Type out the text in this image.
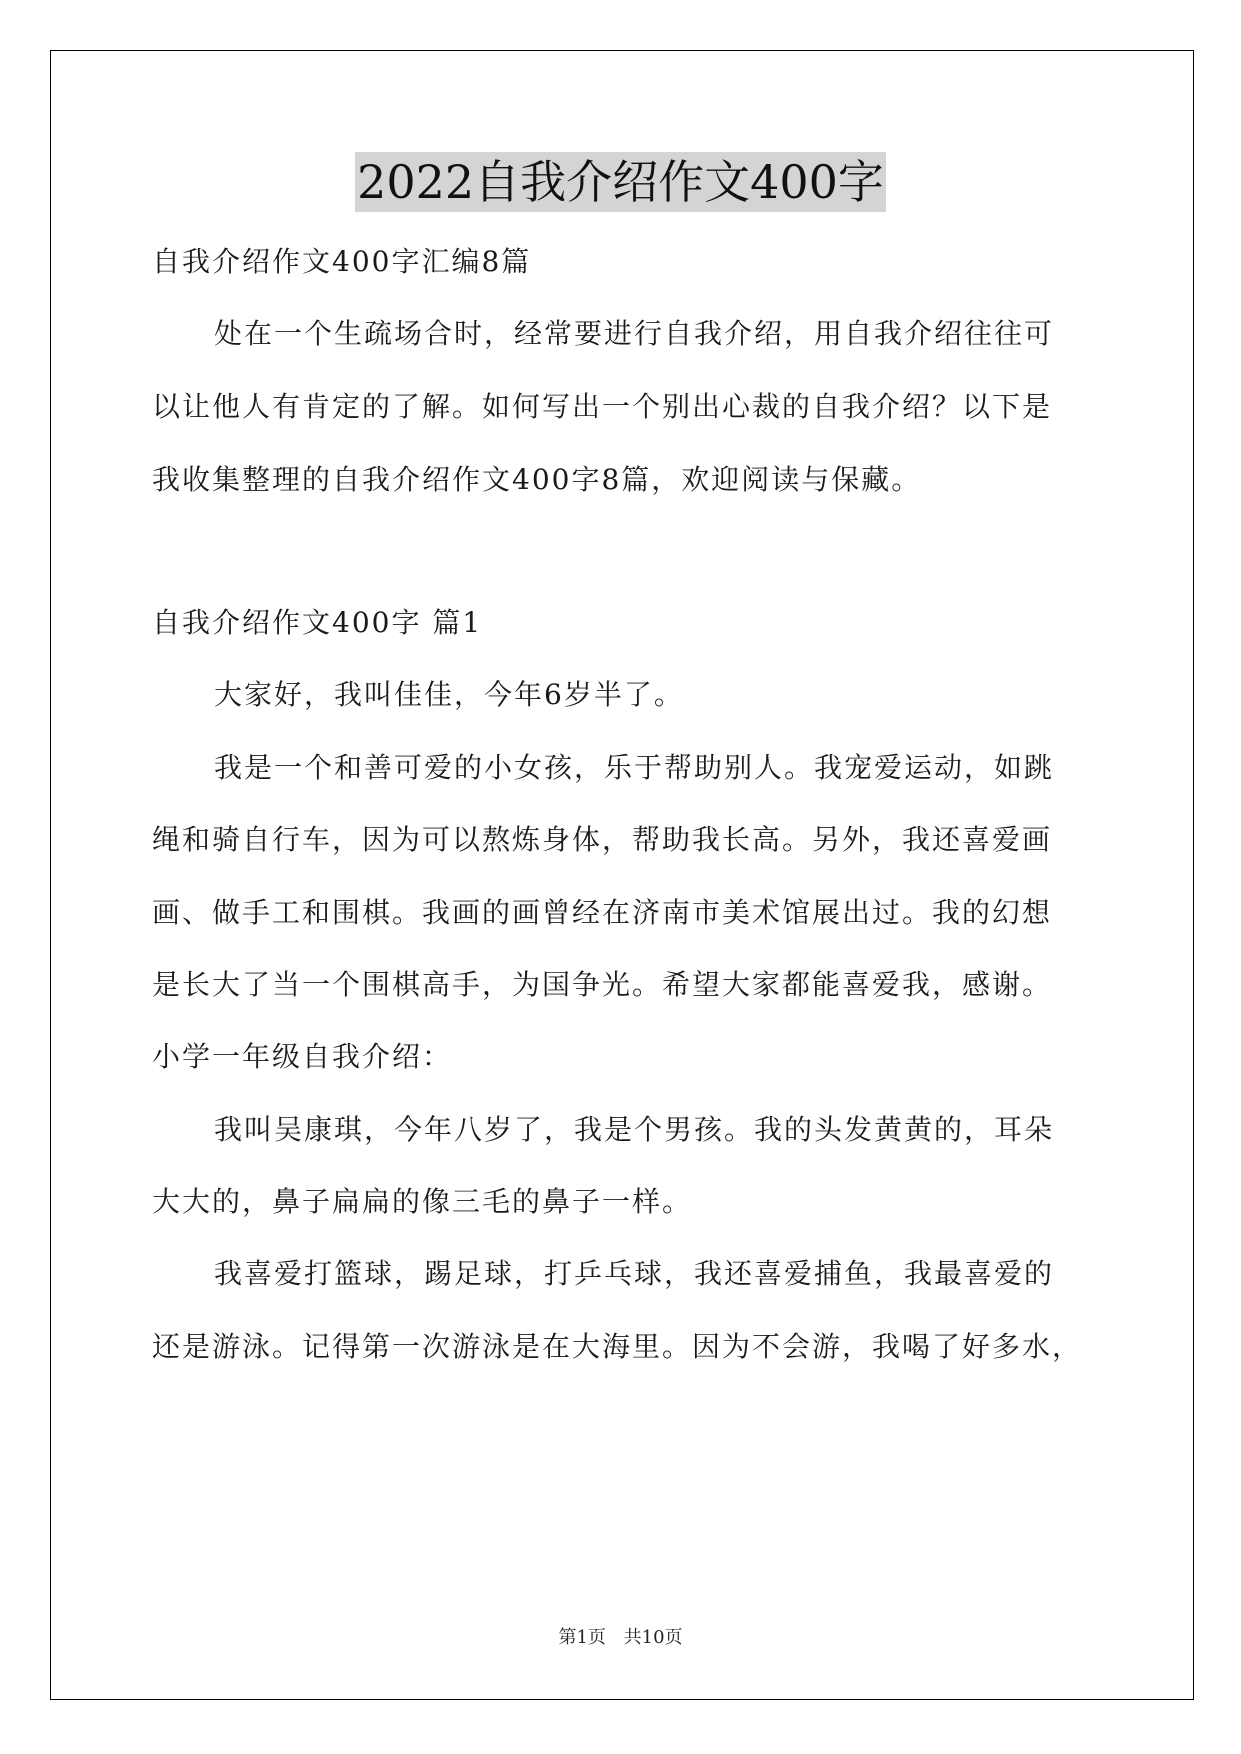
2022自我介绍作文400字
自我介绍作文400字汇编8篇
处在一个生疏场合时，经常要进行自我介绍，用自我介绍往往可
以让他人有肯定的了解。如何写出一个别出心裁的自我介绍？以下是
我收集整理的自我介绍作文400字8篇，欢迎阅读与保藏。
自我介绍作文400字 篇1
大家好，我叫佳佳，今年6岁半了。
我是一个和善可爱的小女孩，乐于帮助别人。我宠爱运动，如跳
绳和骑自行车，因为可以熬炼身体，帮助我长高。另外，我还喜爱画
画、做手工和围棋。我画的画曾经在济南市美术馆展出过。我的幻想
是长大了当一个围棋高手，为国争光。希望大家都能喜爱我，感谢。
小学一年级自我介绍：
我叫吴康琪，今年八岁了，我是个男孩。我的头发黄黄的，耳朵
大大的，鼻子扁扁的像三毛的鼻子一样。
我喜爱打篮球，踢足球，打乒乓球，我还喜爱捕鱼，我最喜爱的
还是游泳。记得第一次游泳是在大海里。因为不会游，我喝了好多水，
第1页 共10页
